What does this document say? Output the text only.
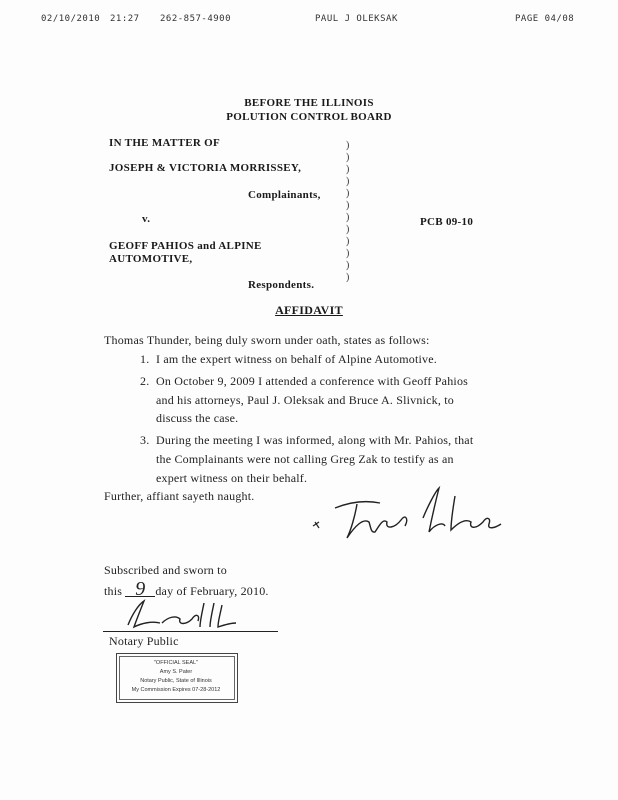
02/10/2010 21:27 262-857-4900	PAUL J OLEKSAK	PAGE 04/08
BEFORE THE ILLINOIS
POLUTION CONTROL BOARD
IN THE MATTER OF
JOSEPH & VICTORIA MORRISSEY,
Complainants,
v.	PCB 09-10
GEOFF PAHIOS and ALPINE
AUTOMOTIVE,
Respondents.
)
)
)
)
)
)
)
)
)
)
)
)
AFFIDAVIT
Thomas Thunder, being duly sworn under oath, states as follows:
1. I am the expert witness on behalf of Alpine Automotive.
2. On October 9, 2009 I attended a conference with Geoff Pahios
and his attorneys, Paul J. Oleksak and Bruce A. Slivnick, to
discuss the case.
3. During the meeting I was informed, along with Mr. Pahios, that
the Complainants were not calling Greg Zak to testify as an
expert witness on their behalf.
Further, affiant sayeth naught.
Subscribed and sworn to
this 9 day of February, 2010.
Notary Public
"OFFICIAL SEAL"
Amy S. Pater
Notary Public, State of Illinois
My Commission Expires 07-28-2012
